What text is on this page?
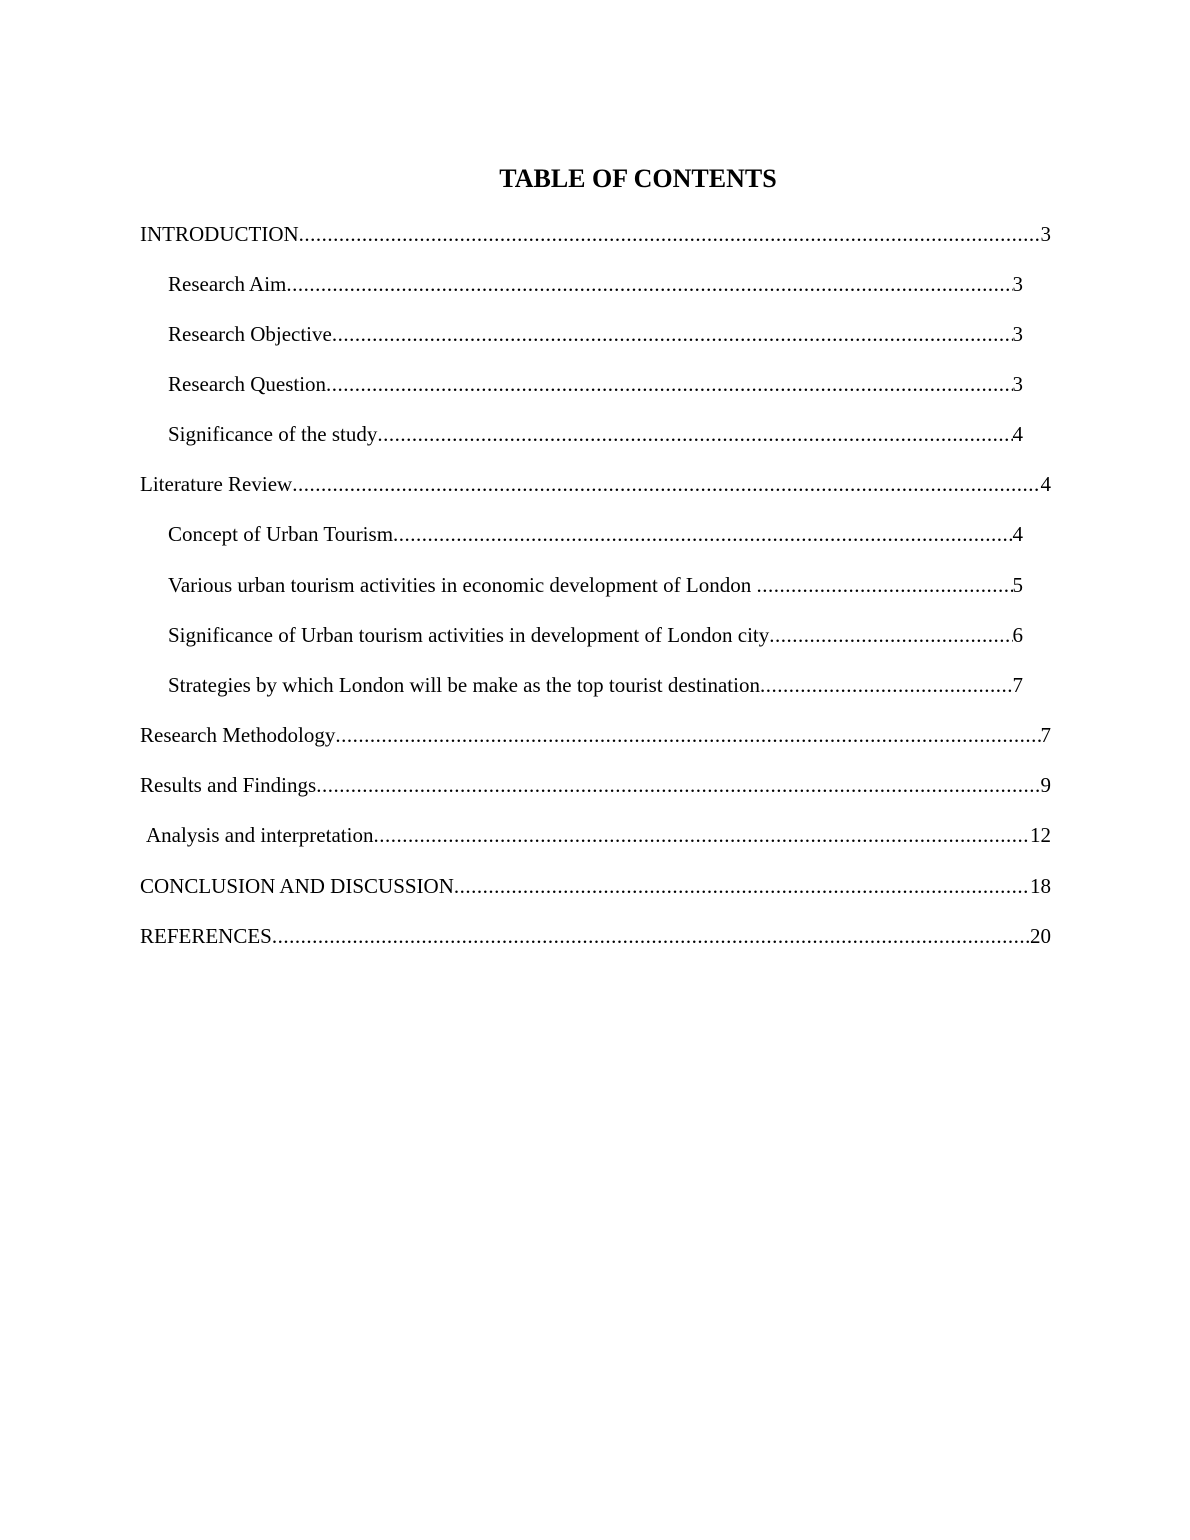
TABLE OF CONTENTS
INTRODUCTION .....	3
Research Aim .....	3
Research Objective .....	3
Research Question .....	3
Significance of the study .....	4
Literature Review .....	4
Concept of Urban Tourism .....	4
Various urban tourism activities in economic development of London .....	5
Significance of Urban tourism activities in development of London city .....	6
Strategies by which London will be make as the top tourist destination .....	7
Research Methodology .....	7
Results and Findings .....	9
Analysis and interpretation .....	12
CONCLUSION AND DISCUSSION .....	18
REFERENCES .....	20
